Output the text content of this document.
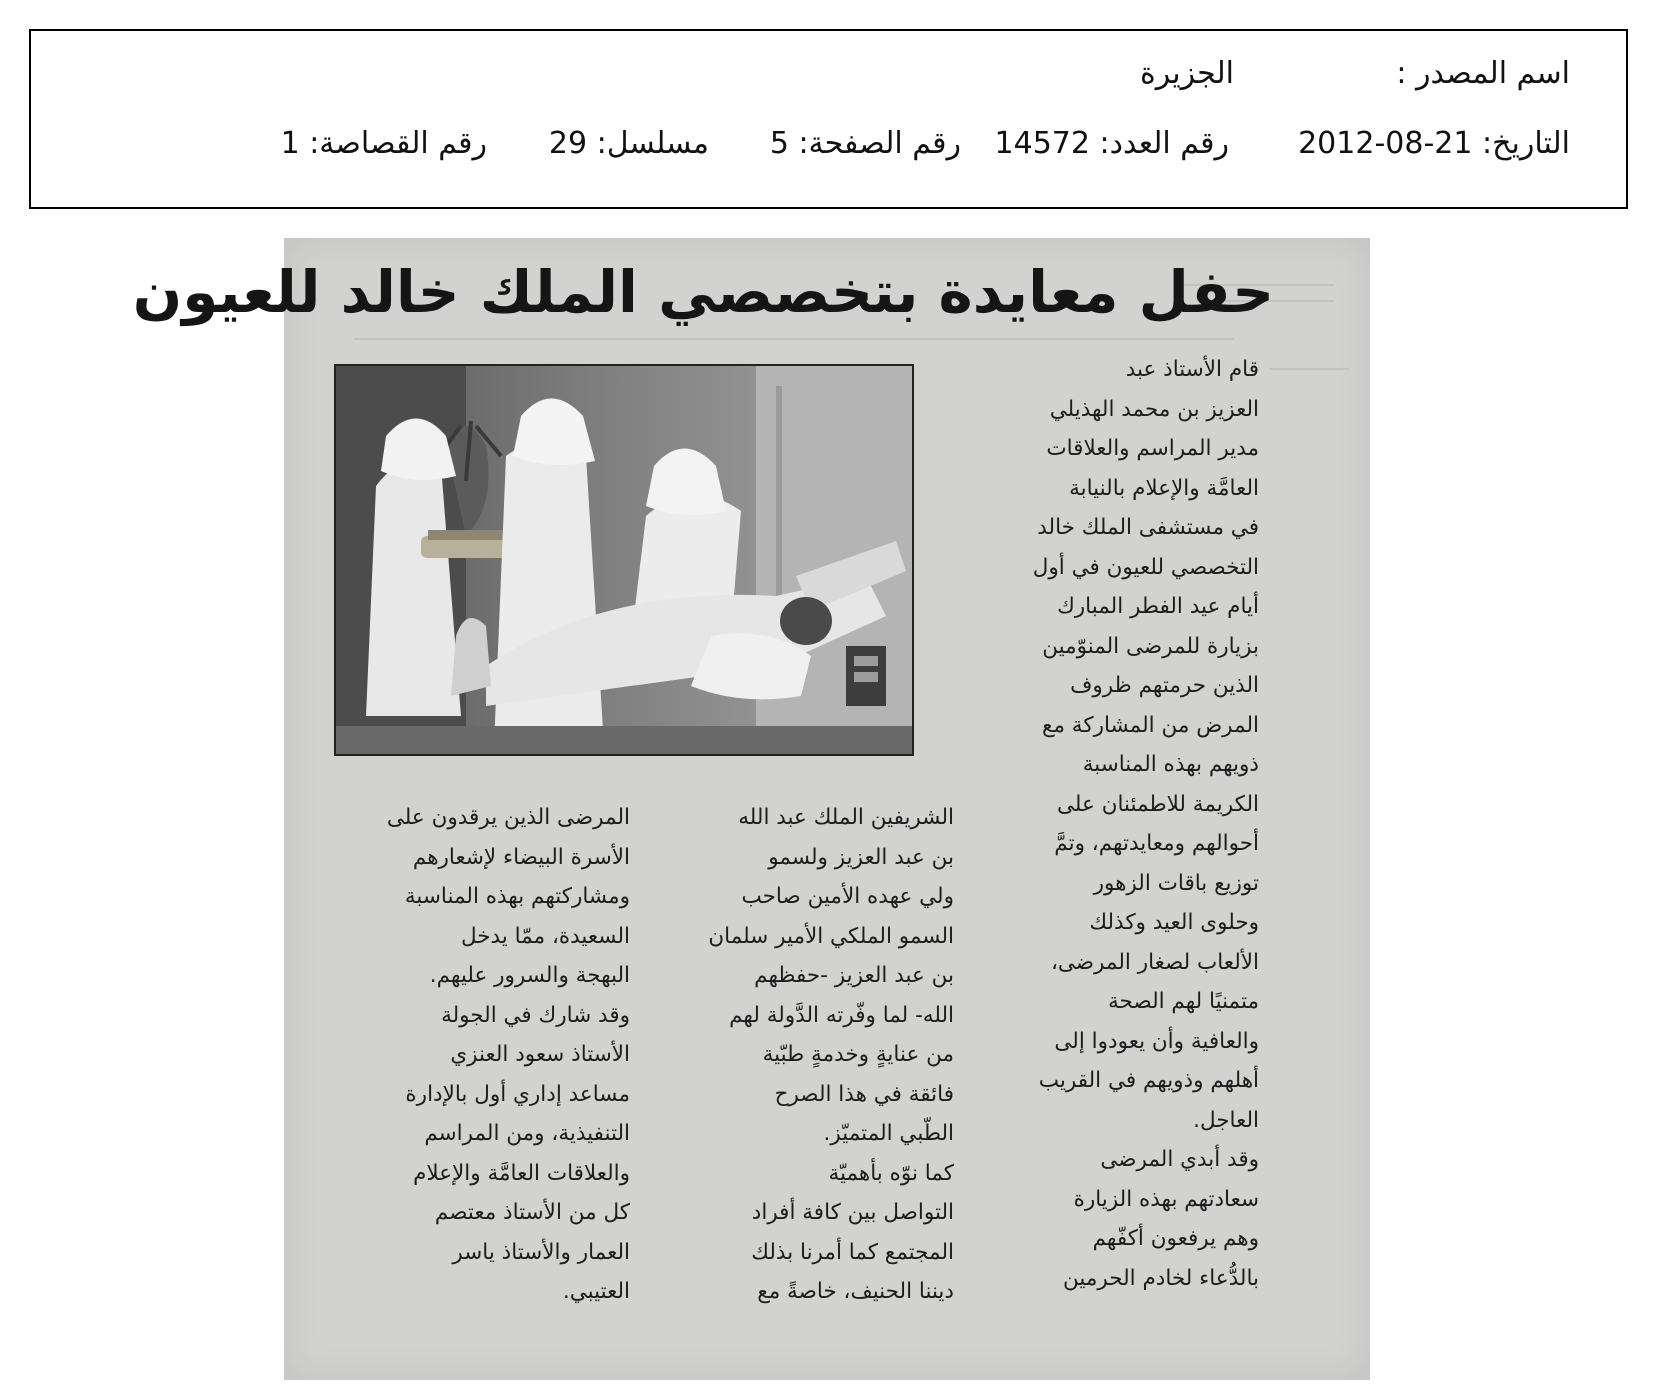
اسم المصدر :
الجزيرة
التاريخ: 21-08-2012
رقم العدد: 14572
رقم الصفحة: 5
مسلسل: 29
رقم القصاصة: 1
حفل معايدة بتخصصي الملك خالد للعيون
قام الأستاذ عبد
العزيز بن محمد الهذيلي
مدير المراسم والعلاقات
العامَّة والإعلام بالنيابة
في مستشفى الملك خالد
التخصصي للعيون في أول
أيام عيد الفطر المبارك
بزيارة للمرضى المنوّمين
الذين حرمتهم ظروف
المرض من المشاركة مع
ذويهم بهذه المناسبة
الكريمة للاطمئنان على
أحوالهم ومعايدتهم، وتمَّ
توزيع باقات الزهور
وحلوى العيد وكذلك
الألعاب لصغار المرضى،
متمنيًا لهم الصحة
والعافية وأن يعودوا إلى
أهلهم وذويهم في القريب
العاجل.
وقد أبدي المرضى
سعادتهم بهذه الزيارة
وهم يرفعون أكفّهم
بالدُّعاء لخادم الحرمين
الشريفين الملك عبد الله
بن عبد العزيز ولسمو
ولي عهده الأمين صاحب
السمو الملكي الأمير سلمان
بن عبد العزيز -حفظهم
الله- لما وفّرته الدَّولة لهم
من عنايةٍ وخدمةٍ طبّية
فائقة في هذا الصرح
الطّبي المتميّز.
كما نوّه بأهميّة
التواصل بين كافة أفراد
المجتمع كما أمرنا بذلك
ديننا الحنيف، خاصةً مع
المرضى الذين يرقدون على
الأسرة البيضاء لإشعارهم
ومشاركتهم بهذه المناسبة
السعيدة، ممّا يدخل
البهجة والسرور عليهم.
وقد شارك في الجولة
الأستاذ سعود العنزي
مساعد إداري أول بالإدارة
التنفيذية، ومن المراسم
والعلاقات العامَّة والإعلام
كل من الأستاذ معتصم
العمار والأستاذ ياسر
العتيبي.
